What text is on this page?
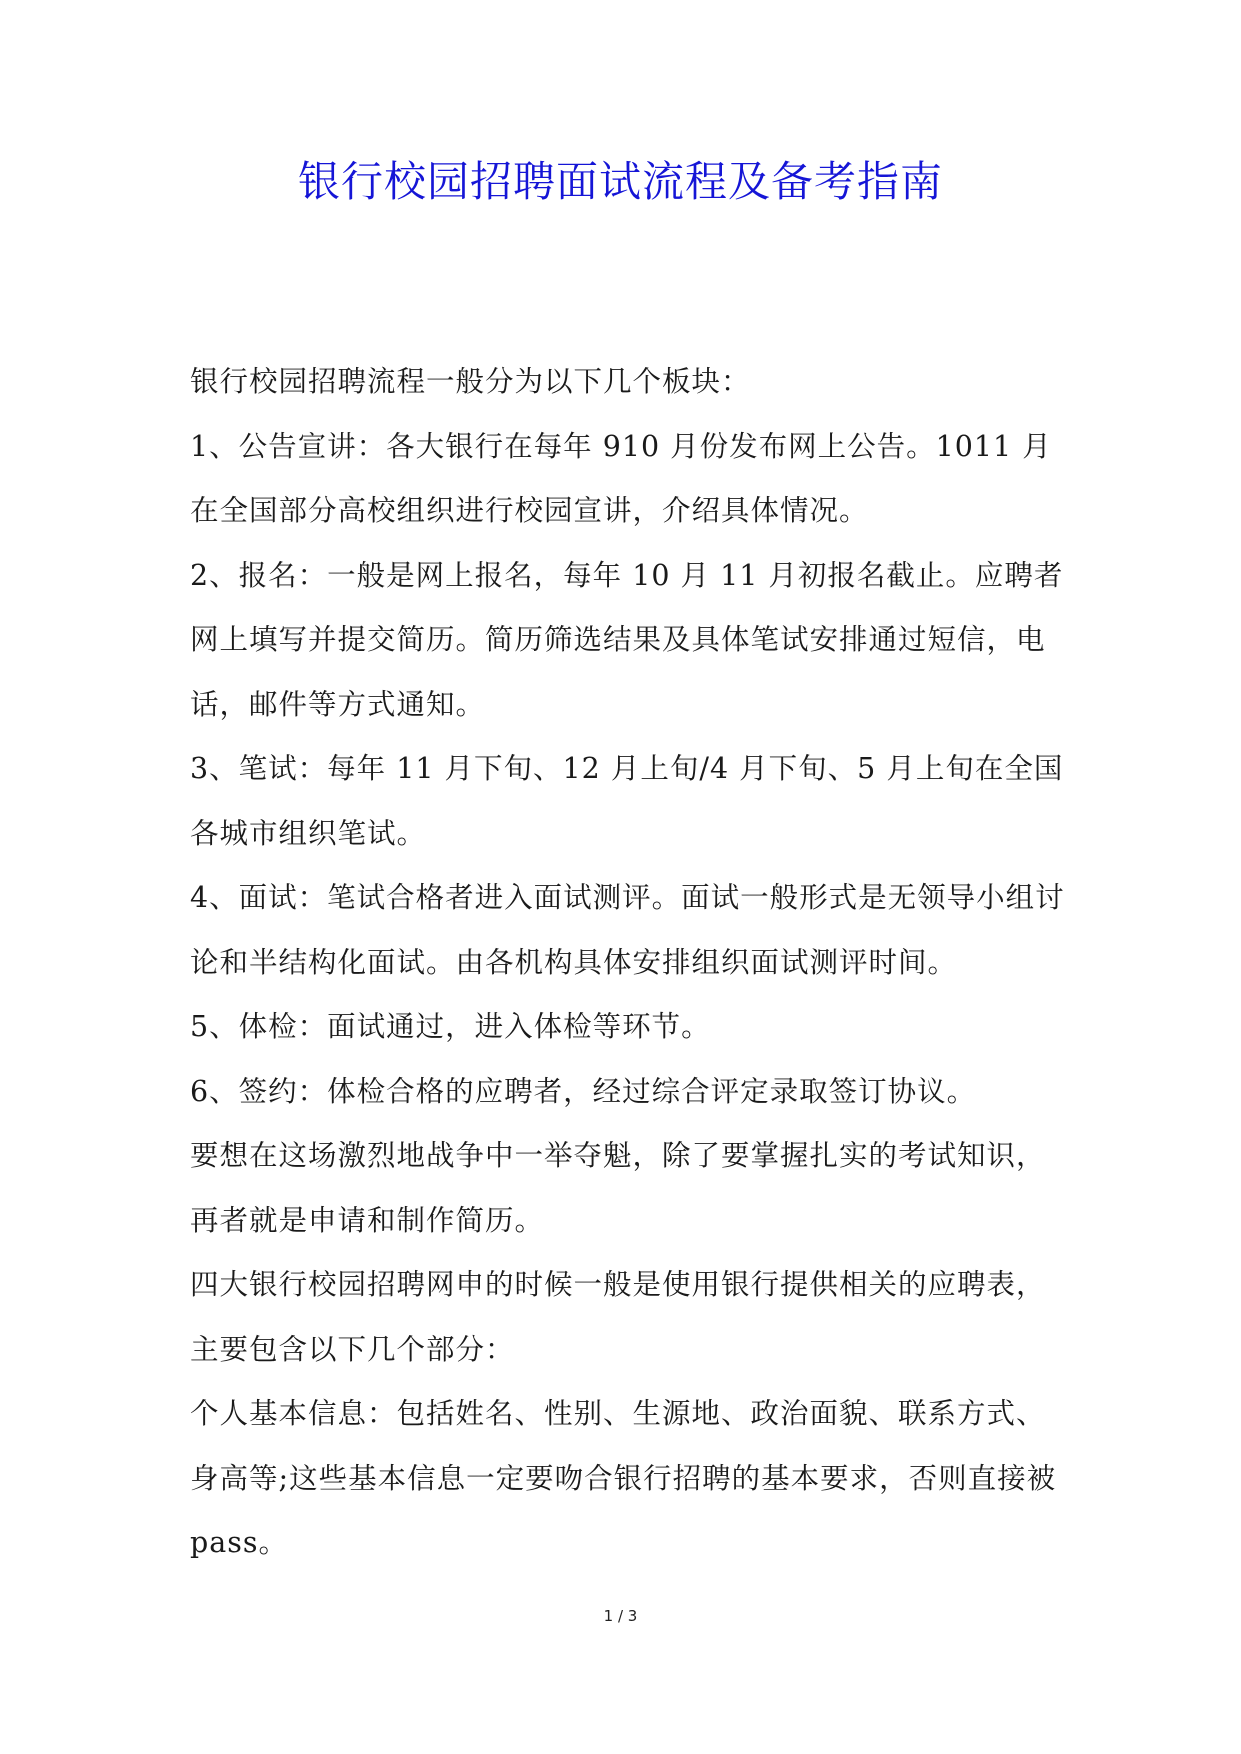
银行校园招聘面试流程及备考指南

银行校园招聘流程一般分为以下几个板块：

1、公告宣讲：各大银行在每年 910 月份发布网上公告。1011 月在全国部分高校组织进行校园宣讲，介绍具体情况。

2、报名：一般是网上报名，每年 10 月 11 月初报名截止。应聘者网上填写并提交简历。简历筛选结果及具体笔试安排通过短信，电话，邮件等方式通知。

3、笔试：每年 11 月下旬、12 月上旬/4 月下旬、5 月上旬在全国各城市组织笔试。

4、面试：笔试合格者进入面试测评。面试一般形式是无领导小组讨论和半结构化面试。由各机构具体安排组织面试测评时间。

5、体检：面试通过，进入体检等环节。

6、签约：体检合格的应聘者，经过综合评定录取签订协议。

要想在这场激烈地战争中一举夺魁，除了要掌握扎实的考试知识，再者就是申请和制作简历。

四大银行校园招聘网申的时候一般是使用银行提供相关的应聘表，主要包含以下几个部分：

个人基本信息：包括姓名、性别、生源地、政治面貌、联系方式、身高等;这些基本信息一定要吻合银行招聘的基本要求，否则直接被 pass。

1 / 3
